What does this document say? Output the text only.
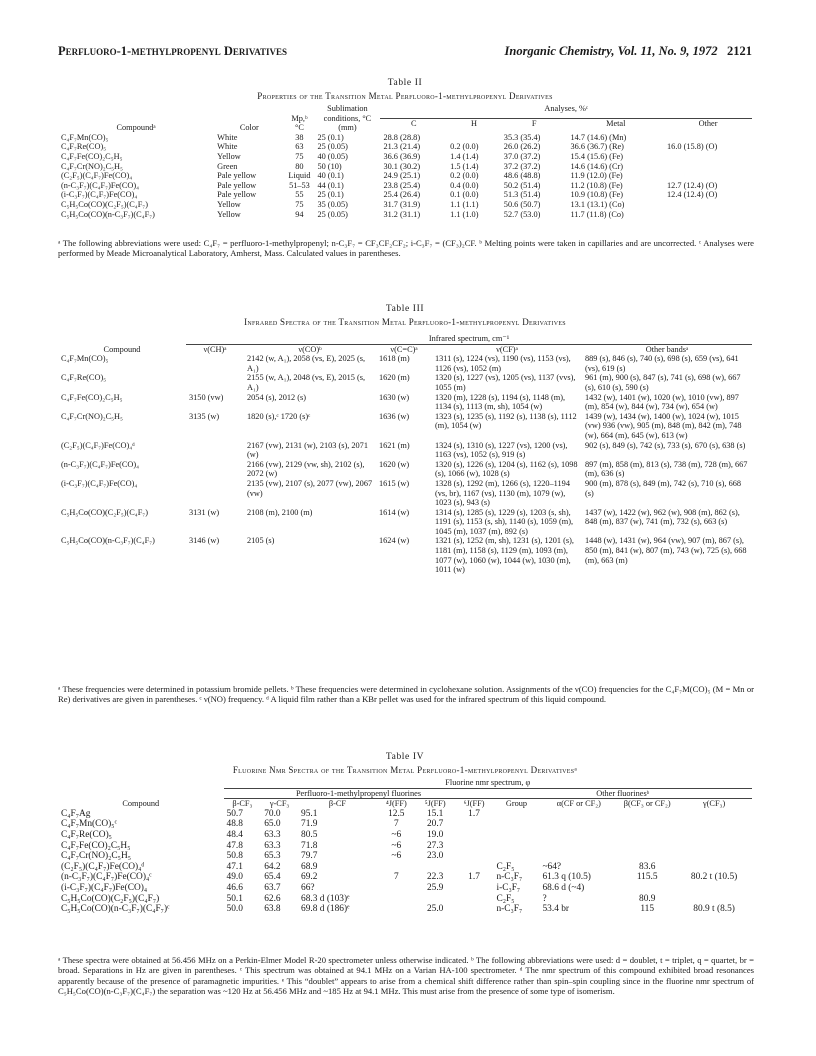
Perfluoro-1-methylpropenyl Derivatives	Inorganic Chemistry, Vol. 11, No. 9, 1972 2121
Table II
Properties of the Transition Metal Perfluoro-1-methylpropenyl Derivatives
Compoundᵃ	Color	Mp,ᵇ °C	Sublimation conditions, °C (mm)	Analyses, %ᶜ				
				C	H	F	Metal	Other
C₄F₇Mn(CO)₅	White	38	25 (0.1)	28.8 (28.8)		35.3 (35.4)	14.7 (14.6) (Mn)	
C₄F₇Re(CO)₅	White	63	25 (0.05)	21.3 (21.4)	0.2 (0.0)	26.0 (26.2)	36.6 (36.7) (Re)	16.0 (15.8) (O)
C₄F₇Fe(CO)₂C₅H₅	Yellow	75	40 (0.05)	36.6 (36.9)	1.4 (1.4)	37.0 (37.2)	15.4 (15.6) (Fe)	
C₄F₇Cr(NO)₂C₅H₅	Green	80	50 (10)	30.1 (30.2)	1.5 (1.4)	37.2 (37.2)	14.6 (14.6) (Cr)	
(C₂F₅)(C₄F₇)Fe(CO)₄	Pale yellow	Liquid	40 (0.1)	24.9 (25.1)	0.2 (0.0)	48.6 (48.8)	11.9 (12.0) (Fe)	
(n-C₃F₇)(C₄F₇)Fe(CO)₄	Pale yellow	51–53	44 (0.1)	23.8 (25.4)	0.4 (0.0)	50.2 (51.4)	11.2 (10.8) (Fe)	12.7 (12.4) (O)
(i-C₃F₇)(C₄F₇)Fe(CO)₄	Pale yellow	55	25 (0.1)	25.4 (26.4)	0.1 (0.0)	51.3 (51.4)	10.9 (10.8) (Fe)	12.4 (12.4) (O)
C₅H₅Co(CO)(C₂F₅)(C₄F₇)	Yellow	75	35 (0.05)	31.7 (31.9)	1.1 (1.1)	50.6 (50.7)	13.1 (13.1) (Co)	
C₅H₅Co(CO)(n-C₃F₇)(C₄F₇)	Yellow	94	25 (0.05)	31.2 (31.1)	1.1 (1.0)	52.7 (53.0)	11.7 (11.8) (Co)	
ᵃ The following abbreviations were used: C₄F₇ = perfluoro-1-methylpropenyl; n-C₃F₇ = CF₃CF₂CF₂; i-C₃F₇ = (CF₃)₂CF. ᵇ Melting points were taken in capillaries and are uncorrected. ᶜ Analyses were performed by Meade Microanalytical Laboratory, Amherst, Mass. Calculated values in parentheses.
Table III
Infrared Spectra of the Transition Metal Perfluoro-1-methylpropenyl Derivatives
Compound	Infrared spectrum, cm⁻¹				
	ν(CH)ᵃ	ν(CO)ᵇ	ν(C=C)ᵃ	ν(CF)ᵃ	Other bandsᵃ
C₄F₇Mn(CO)₅		2142 (w, A₁), 2058 (vs, E), 2025 (s, A₁)	1618 (m)	1311 (s), 1224 (vs), 1190 (vs), 1153 (vs), 1126 (vs), 1052 (m)	889 (s), 846 (s), 740 (s), 698 (s), 659 (vs), 641 (vs), 619 (s)
C₄F₇Re(CO)₅		2155 (w, A₁), 2048 (vs, E), 2015 (s, A₁)	1620 (m)	1320 (s), 1227 (vs), 1205 (vs), 1137 (vvs), 1055 (m)	961 (m), 900 (s), 847 (s), 741 (s), 698 (w), 667 (s), 610 (s), 590 (s)
C₄F₇Fe(CO)₂C₅H₅	3150 (vw)	2054 (s), 2012 (s)	1630 (w)	1320 (m), 1228 (s), 1194 (s), 1148 (m), 1134 (s), 1113 (m, sh), 1054 (w)	1432 (w), 1401 (w), 1020 (w), 1010 (vw), 897 (m), 854 (w), 844 (w), 734 (w), 654 (w)
C₄F₇Cr(NO)₂C₅H₅	3135 (w)	1820 (s),ᶜ 1720 (s)ᶜ	1636 (w)	1323 (s), 1235 (s), 1192 (s), 1138 (s), 1112 (m), 1054 (w)	1439 (w), 1434 (w), 1400 (w), 1024 (w), 1015 (vw) 936 (vw), 905 (m), 848 (m), 842 (m), 748 (w), 664 (m), 645 (w), 613 (w)
(C₂F₅)(C₄F₇)Fe(CO)₄ᵈ		2167 (vw), 2131 (w), 2103 (s), 2071 (w)	1621 (m)	1324 (s), 1310 (s), 1227 (vs), 1200 (vs), 1163 (vs), 1052 (s), 919 (s)	902 (s), 849 (s), 742 (s), 733 (s), 670 (s), 638 (s)
(n-C₃F₇)(C₄F₇)Fe(CO)₄		2166 (vw), 2129 (vw, sh), 2102 (s), 2072 (w)	1620 (w)	1320 (s), 1226 (s), 1204 (s), 1162 (s), 1098 (s), 1066 (w), 1028 (s)	897 (m), 858 (m), 813 (s), 738 (m), 728 (m), 667 (m), 636 (s)
(i-C₃F₇)(C₄F₇)Fe(CO)₄		2135 (vw), 2107 (s), 2077 (vw), 2067 (vw)	1615 (w)	1328 (s), 1292 (m), 1266 (s), 1220–1194 (vs, br), 1167 (vs), 1130 (m), 1079 (w), 1023 (s), 943 (s)	900 (m), 878 (s), 849 (m), 742 (s), 710 (s), 668 (s)
C₅H₅Co(CO)(C₂F₅)(C₄F₇)	3131 (w)	2108 (m), 2100 (m)	1614 (w)	1314 (s), 1285 (s), 1229 (s), 1203 (s, sh), 1191 (s), 1153 (s, sh), 1140 (s), 1059 (m), 1045 (m), 1037 (m), 892 (s)	1437 (w), 1422 (w), 962 (w), 908 (m), 862 (s), 848 (m), 837 (w), 741 (m), 732 (s), 663 (s)
C₅H₅Co(CO)(n-C₃F₇)(C₄F₇)	3146 (w)	2105 (s)	1624 (w)	1321 (s), 1252 (m, sh), 1231 (s), 1201 (s), 1181 (m), 1158 (s), 1129 (m), 1093 (m), 1077 (w), 1060 (w), 1044 (w), 1030 (m), 1011 (w)	1448 (w), 1431 (w), 964 (vw), 907 (m), 867 (s), 850 (m), 841 (w), 807 (m), 743 (w), 725 (s), 668 (m), 663 (m)
ᵃ These frequencies were determined in potassium bromide pellets. ᵇ These frequencies were determined in cyclohexane solution. Assignments of the ν(CO) frequencies for the C₄F₇M(CO)₅ (M = Mn or Re) derivatives are given in parentheses. ᶜ ν(NO) frequency. ᵈ A liquid film rather than a KBr pellet was used for the infrared spectrum of this liquid compound.
Table IV
Fluorine Nmr Spectra of the Transition Metal Perfluoro-1-methylpropenyl Derivativesᵃ
Compound	Fluorine nmr spectrum, φ									
	Perfluoro-1-methylpropenyl fluorines						Other fluorinesᵇ			
	β-CF₃	γ-CF₃	β-CF	⁴J(FF)	⁵J(FF)	⁶J(FF)	Group	α(CF or CF₂)	β(CF₃ or CF₂)	γ(CF₃)
C₄F₇Ag	50.7	70.0	95.1	12.5	15.1	1.7				
C₄F₇Mn(CO)₅ᶜ	48.8	65.0	71.9	7	20.7					
C₄F₇Re(CO)₅	48.4	63.3	80.5	~6	19.0					
C₄F₇Fe(CO)₂C₅H₅	47.8	63.3	71.8	~6	27.3					
C₄F₇Cr(NO)₂C₅H₅	50.8	65.3	79.7	~6	23.0					
(C₂F₅)(C₄F₇)Fe(CO)₄ᵈ	47.1	64.2	68.9				C₂F₅	~64?	83.6	
(n-C₃F₇)(C₄F₇)Fe(CO)₄ᶜ	49.0	65.4	69.2	7	22.3	1.7	n-C₃F₇	61.3 q (10.5)	115.5	80.2 t (10.5)
(i-C₃F₇)(C₄F₇)Fe(CO)₄	46.6	63.7	66?		25.9		i-C₃F₇	68.6 d (~4)		
C₅H₅Co(CO)(C₂F₅)(C₄F₇)	50.1	62.6	68.3 d (103)ᵉ				C₂F₅	?	80.9	
C₅H₅Co(CO)(n-C₃F₇)(C₄F₇)ᶜ	50.0	63.8	69.8 d (186)ᵉ		25.0		n-C₃F₇	53.4 br	115	80.9 t (8.5)
ᵃ These spectra were obtained at 56.456 MHz on a Perkin-Elmer Model R-20 spectrometer unless otherwise indicated. ᵇ The following abbreviations were used: d = doublet, t = triplet, q = quartet, br = broad. Separations in Hz are given in parentheses. ᶜ This spectrum was obtained at 94.1 MHz on a Varian HA-100 spectrometer. ᵈ The nmr spectrum of this compound exhibited broad resonances apparently because of the presence of paramagnetic impurities. ᵉ This “doublet” appears to arise from a chemical shift difference rather than spin–spin coupling since in the fluorine nmr spectrum of C₅H₅Co(CO)(n-C₃F₇)(C₄F₇) the separation was ~120 Hz at 56.456 MHz and ~185 Hz at 94.1 MHz. This must arise from the presence of some type of isomerism.
